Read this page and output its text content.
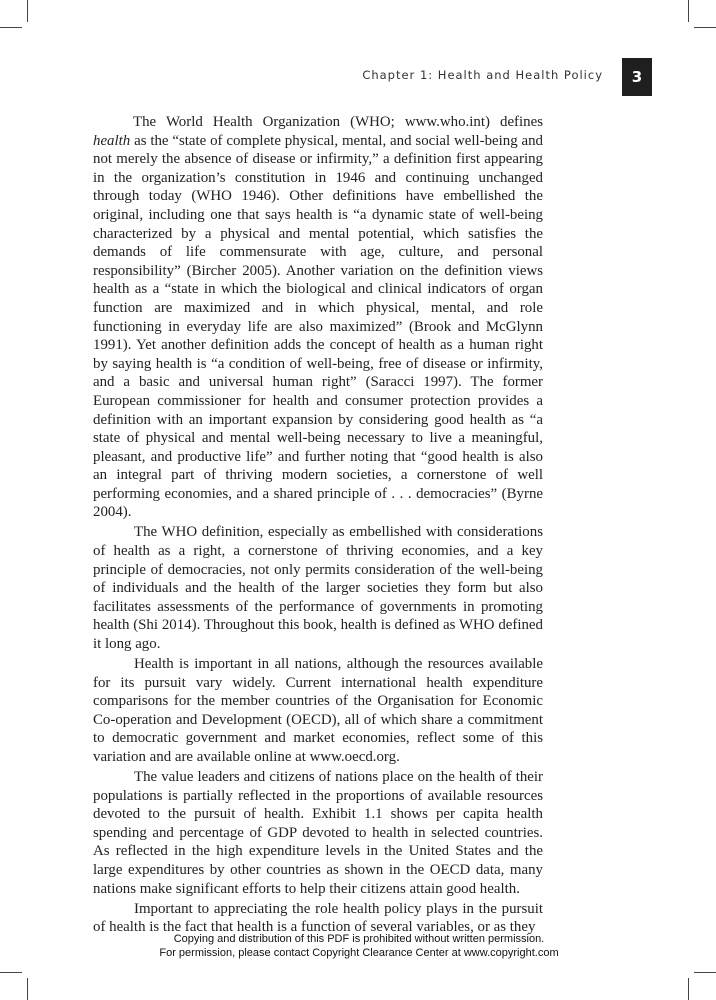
Chapter 1: Health and Health Policy	3

The World Health Organization (WHO; www.who.int) defines health as the “state of complete physical, mental, and social well-being and not merely the absence of disease or infirmity,” a definition first appearing in the organization’s constitution in 1946 and continuing unchanged through today (WHO 1946). Other definitions have embellished the original, including one that says health is “a dynamic state of well-being characterized by a physical and mental potential, which satisfies the demands of life commensurate with age, culture, and personal responsibility” (Bircher 2005). Another variation on the definition views health as a “state in which the biological and clinical indicators of organ function are maximized and in which physical, mental, and role functioning in everyday life are also maximized” (Brook and McGlynn 1991). Yet another definition adds the concept of health as a human right by saying health is “a condition of well-being, free of disease or infirmity, and a basic and universal human right” (Saracci 1997). The former European commissioner for health and consumer protection provides a definition with an important expansion by considering good health as “a state of physical and mental well-being necessary to live a meaningful, pleasant, and productive life” and further noting that “good health is also an integral part of thriving modern societies, a cornerstone of well performing economies, and a shared principle of . . . democracies” (Byrne 2004).

The WHO definition, especially as embellished with considerations of health as a right, a cornerstone of thriving economies, and a key principle of democracies, not only permits consideration of the well-being of individuals and the health of the larger societies they form but also facilitates assessments of the performance of governments in promoting health (Shi 2014). Throughout this book, health is defined as WHO defined it long ago.

Health is important in all nations, although the resources available for its pursuit vary widely. Current international health expenditure comparisons for the member countries of the Organisation for Economic Co-operation and Development (OECD), all of which share a commitment to democratic government and market economies, reflect some of this variation and are available online at www.oecd.org.

The value leaders and citizens of nations place on the health of their populations is partially reflected in the proportions of available resources devoted to the pursuit of health. Exhibit 1.1 shows per capita health spending and percentage of GDP devoted to health in selected countries. As reflected in the high expenditure levels in the United States and the large expenditures by other countries as shown in the OECD data, many nations make significant efforts to help their citizens attain good health.

Important to appreciating the role health policy plays in the pursuit of health is the fact that health is a function of several variables, or as they

Copying and distribution of this PDF is prohibited without written permission.
For permission, please contact Copyright Clearance Center at www.copyright.com
